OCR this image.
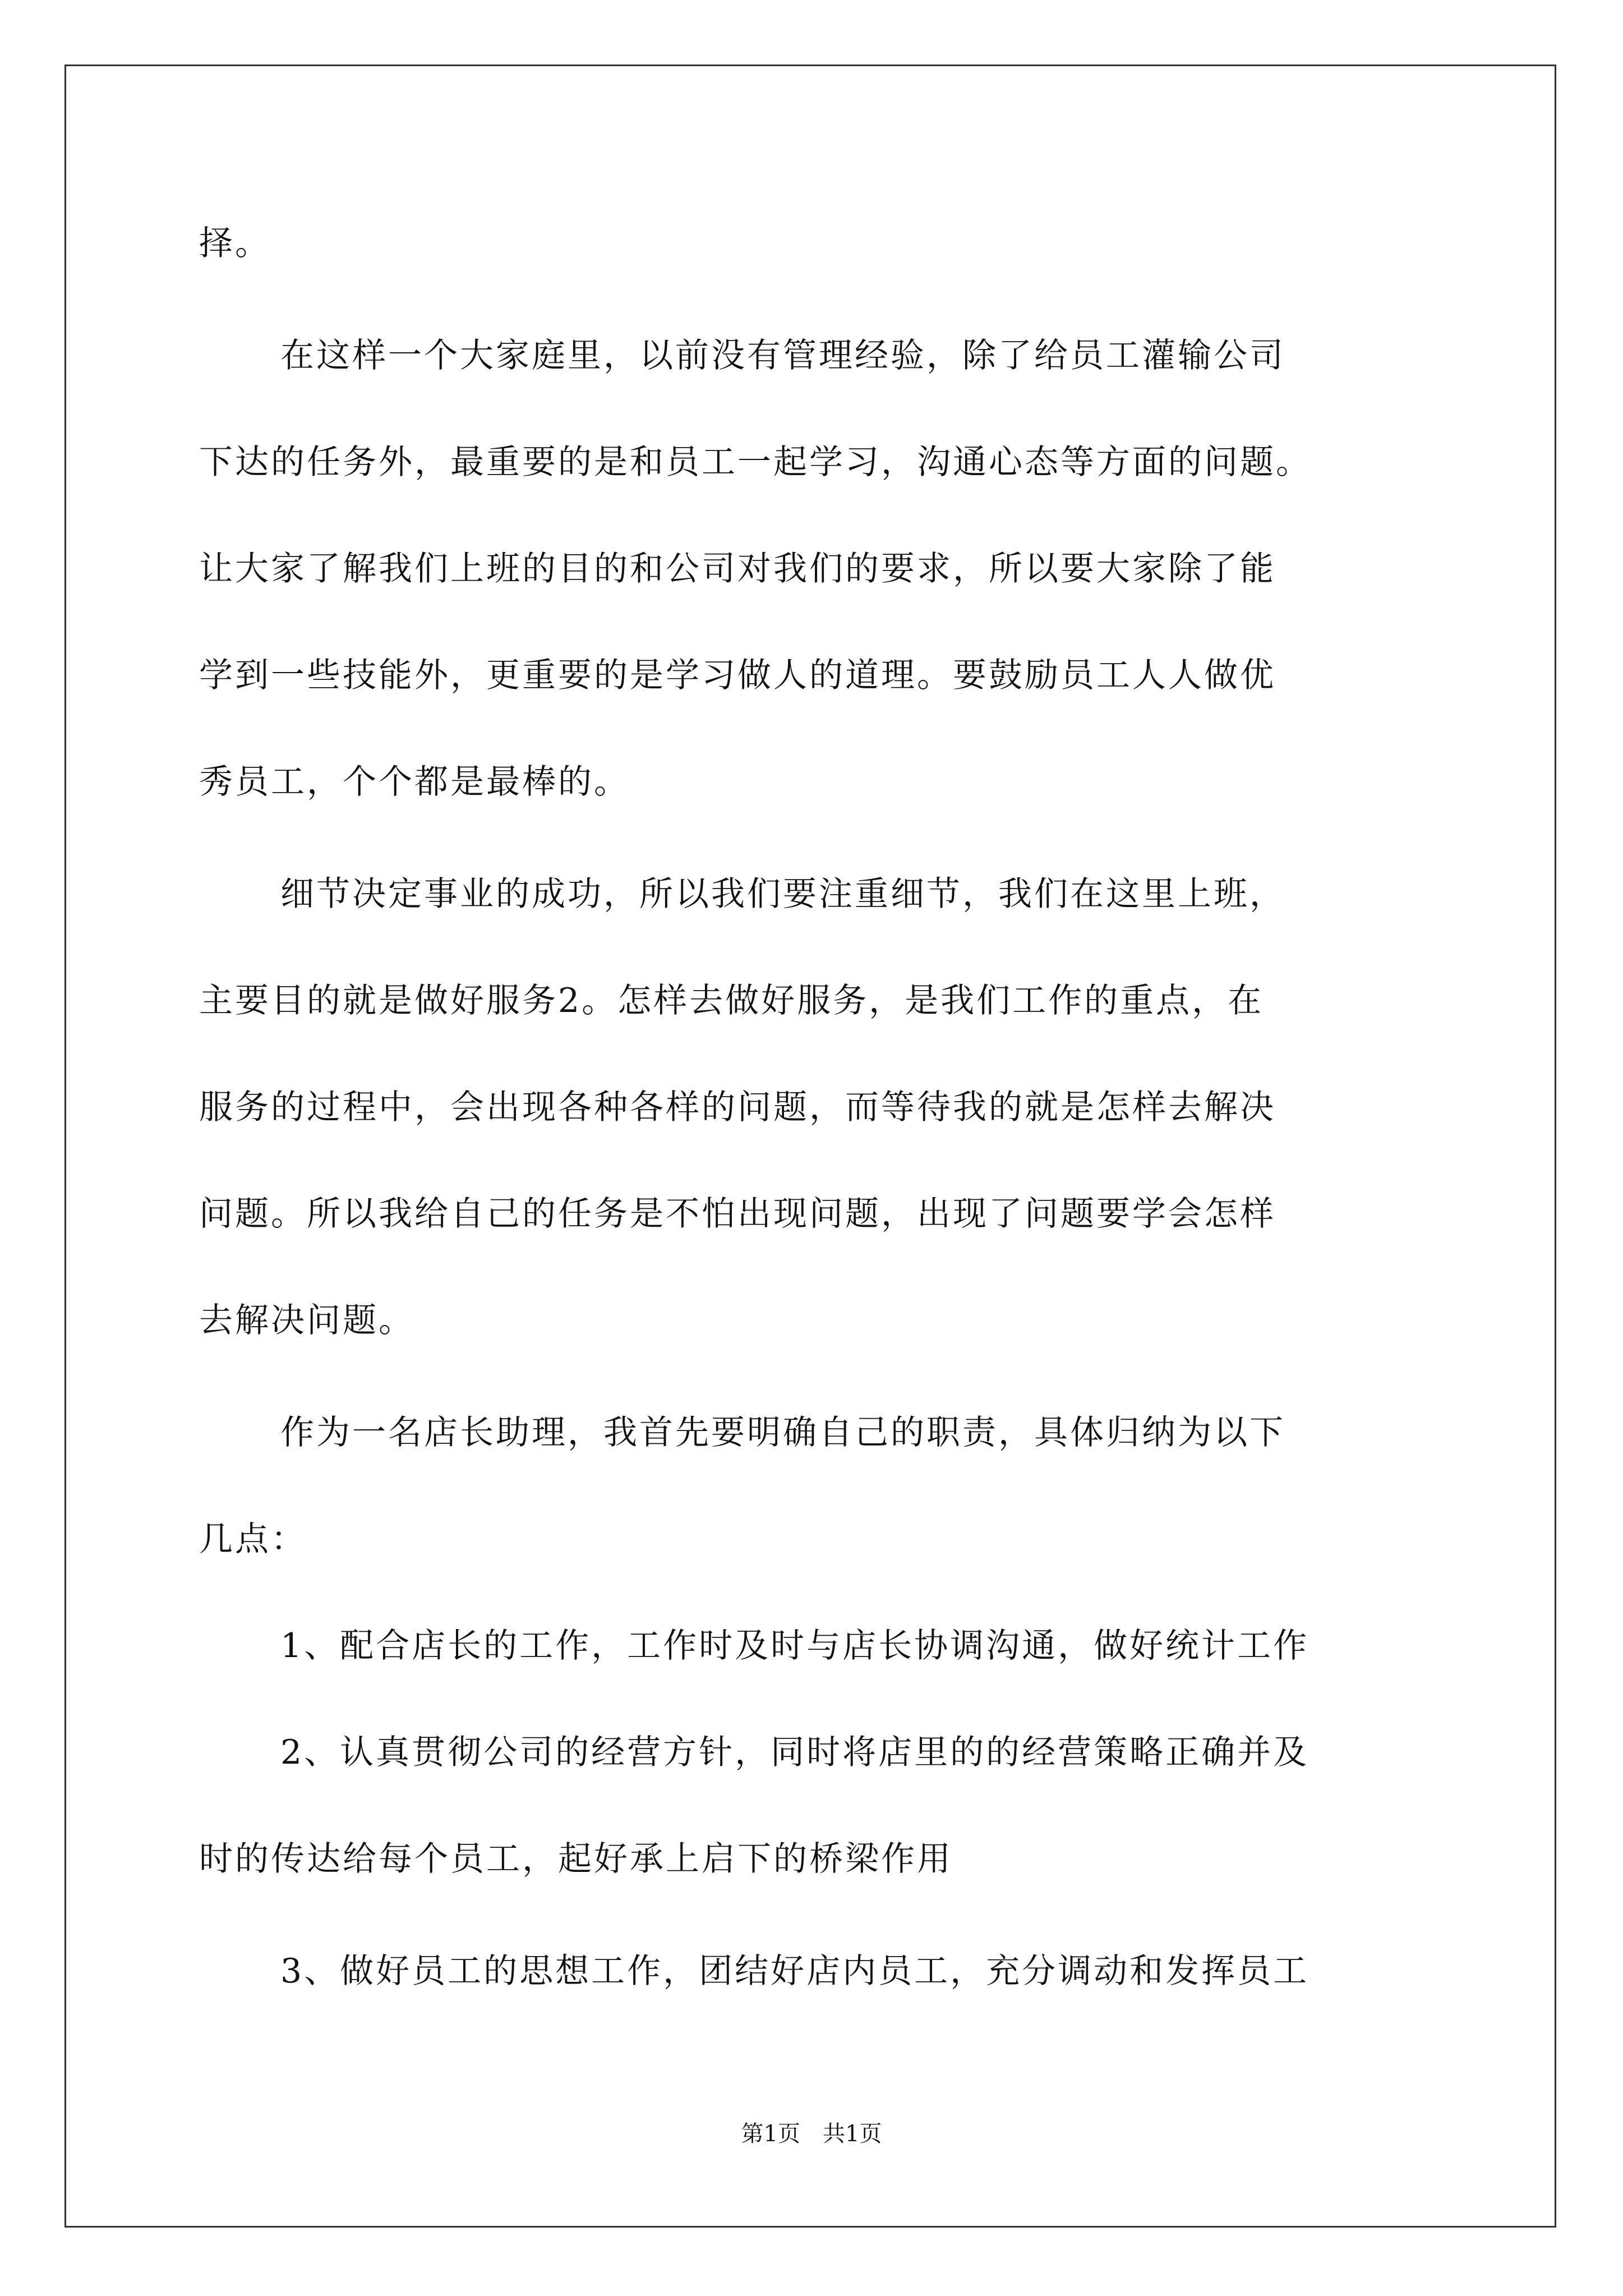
择。
在这样一个大家庭里，以前没有管理经验，除了给员工灌输公司
下达的任务外，最重要的是和员工一起学习，沟通心态等方面的问题。
让大家了解我们上班的目的和公司对我们的要求，所以要大家除了能
学到一些技能外，更重要的是学习做人的道理。要鼓励员工人人做优
秀员工，个个都是最棒的。
细节决定事业的成功，所以我们要注重细节，我们在这里上班，
主要目的就是做好服务2。怎样去做好服务，是我们工作的重点，在
服务的过程中，会出现各种各样的问题，而等待我的就是怎样去解决
问题。所以我给自己的任务是不怕出现问题，出现了问题要学会怎样
去解决问题。
作为一名店长助理，我首先要明确自己的职责，具体归纳为以下
几点：
1、配合店长的工作，工作时及时与店长协调沟通，做好统计工作
2、认真贯彻公司的经营方针，同时将店里的的经营策略正确并及
时的传达给每个员工，起好承上启下的桥梁作用
3、做好员工的思想工作，团结好店内员工，充分调动和发挥员工
第1页　共1页
